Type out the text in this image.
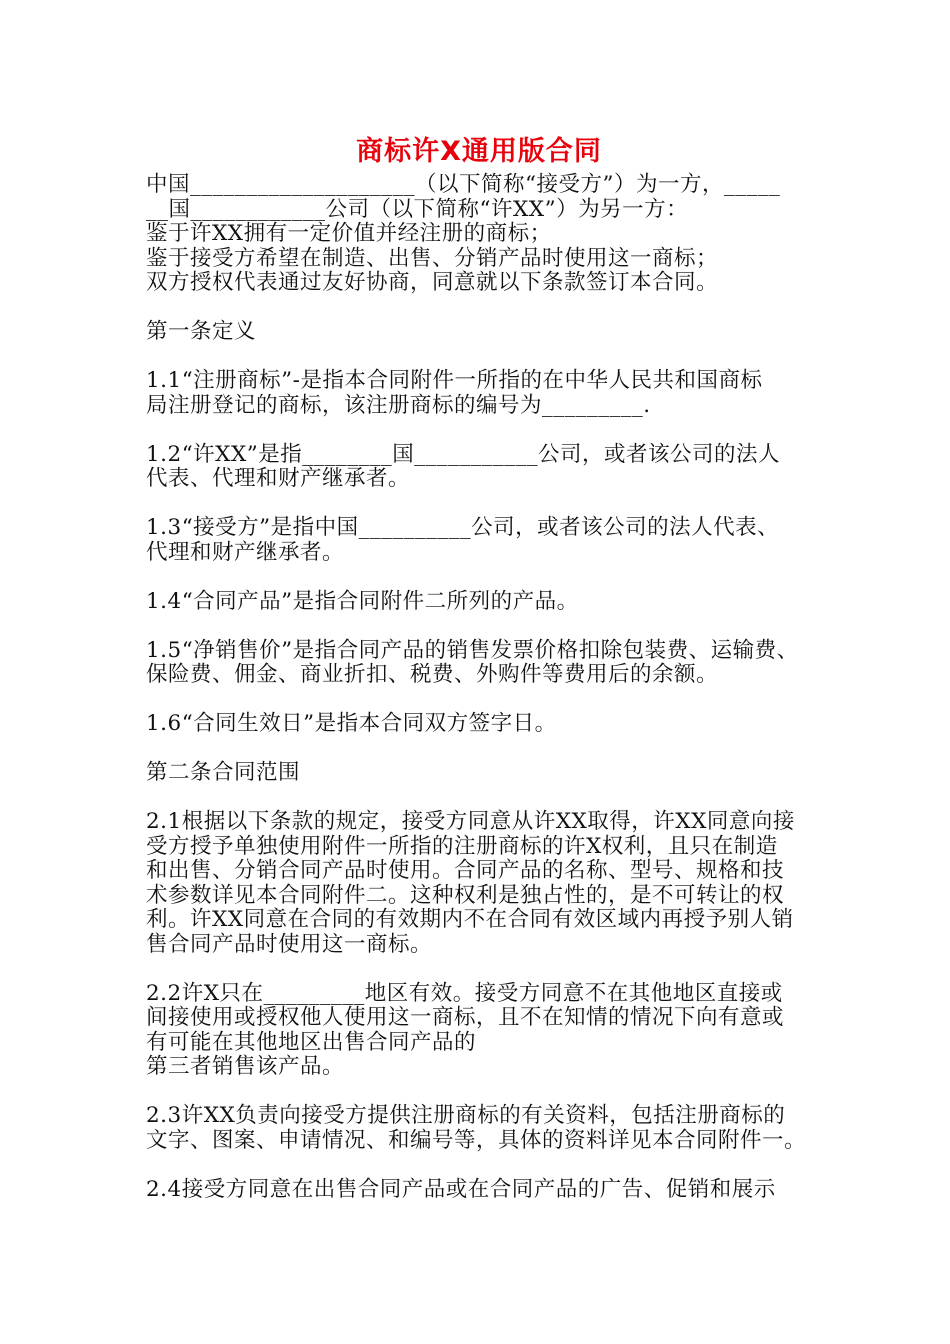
商标许X通用版合同

中国____________________（以下简称“接受方”）为一方，_____

__国____________公司（以下简称“许XX”）为另一方：

鉴于许XX拥有一定价值并经注册的商标；

鉴于接受方希望在制造、出售、分销产品时使用这一商标；

双方授权代表通过友好协商，同意就以下条款签订本合同。

第一条定义

1.1“注册商标”-是指本合同附件一所指的在中华人民共和国商标

局注册登记的商标，该注册商标的编号为_________.

1.2“许XX”是指________国___________公司，或者该公司的法人

代表、代理和财产继承者。

1.3“接受方”是指中国__________公司，或者该公司的法人代表、

代理和财产继承者。

1.4“合同产品”是指合同附件二所列的产品。

1.5“净销售价”是指合同产品的销售发票价格扣除包装费、运输费、

保险费、佣金、商业折扣、税费、外购件等费用后的余额。

1.6“合同生效日”是指本合同双方签字日。

第二条合同范围

2.1根据以下条款的规定，接受方同意从许XX取得，许XX同意向接

受方授予单独使用附件一所指的注册商标的许X权利，且只在制造

和出售、分销合同产品时使用。合同产品的名称、型号、规格和技

术参数详见本合同附件二。这种权利是独占性的，是不可转让的权

利。许XX同意在合同的有效期内不在合同有效区域内再授予别人销

售合同产品时使用这一商标。

2.2许X只在_________地区有效。接受方同意不在其他地区直接或

间接使用或授权他人使用这一商标，且不在知情的情况下向有意或

有可能在其他地区出售合同产品的

第三者销售该产品。

2.3许XX负责向接受方提供注册商标的有关资料，包括注册商标的

文字、图案、申请情况、和编号等，具体的资料详见本合同附件一。

2.4接受方同意在出售合同产品或在合同产品的广告、促销和展示
